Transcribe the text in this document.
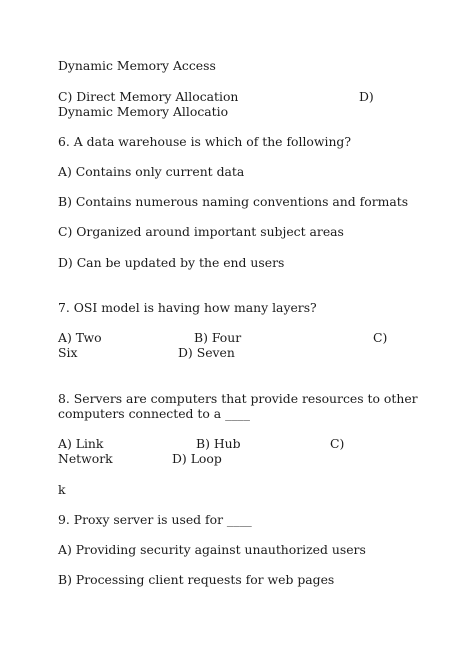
Dynamic Memory Access
C) Direct Memory Allocation	D)
Dynamic Memory Allocatio
6. A data warehouse is which of the following?
A) Contains only current data
B) Contains numerous naming conventions and formats
C) Organized around important subject areas
D) Can be updated by the end users
7. OSI model is having how many layers?
A) Two	B) Four	C)
Six	D) Seven
8. Servers are computers that provide resources to other
computers connected to a ____
A) Link	B) Hub	C)
Network	D) Loop
k
9. Proxy server is used for ____
A) Providing security against unauthorized users
B) Processing client requests for web pages
